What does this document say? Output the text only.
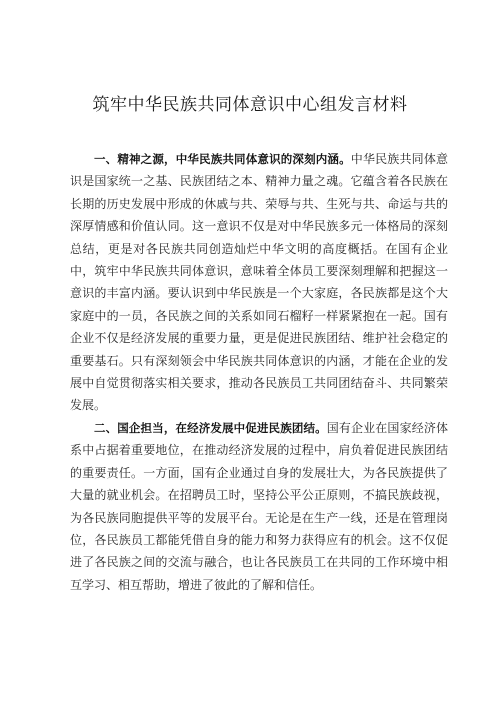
筑牢中华民族共同体意识中心组发言材料

一、精神之源，中华民族共同体意识的深刻内涵。中华民族共同体意识是国家统一之基、民族团结之本、精神力量之魂。它蕴含着各民族在长期的历史发展中形成的休戚与共、荣辱与共、生死与共、命运与共的深厚情感和价值认同。这一意识不仅是对中华民族多元一体格局的深刻总结，更是对各民族共同创造灿烂中华文明的高度概括。在国有企业中，筑牢中华民族共同体意识，意味着全体员工要深刻理解和把握这一意识的丰富内涵。要认识到中华民族是一个大家庭，各民族都是这个大家庭中的一员，各民族之间的关系如同石榴籽一样紧紧抱在一起。国有企业不仅是经济发展的重要力量，更是促进民族团结、维护社会稳定的重要基石。只有深刻领会中华民族共同体意识的内涵，才能在企业的发展中自觉贯彻落实相关要求，推动各民族员工共同团结奋斗、共同繁荣发展。

二、国企担当，在经济发展中促进民族团结。国有企业在国家经济体系中占据着重要地位，在推动经济发展的过程中，肩负着促进民族团结的重要责任。一方面，国有企业通过自身的发展壮大，为各民族提供了大量的就业机会。在招聘员工时，坚持公平公正原则，不搞民族歧视，为各民族同胞提供平等的发展平台。无论是在生产一线，还是在管理岗位，各民族员工都能凭借自身的能力和努力获得应有的机会。这不仅促进了各民族之间的交流与融合，也让各民族员工在共同的工作环境中相互学习、相互帮助，增进了彼此的了解和信任。
